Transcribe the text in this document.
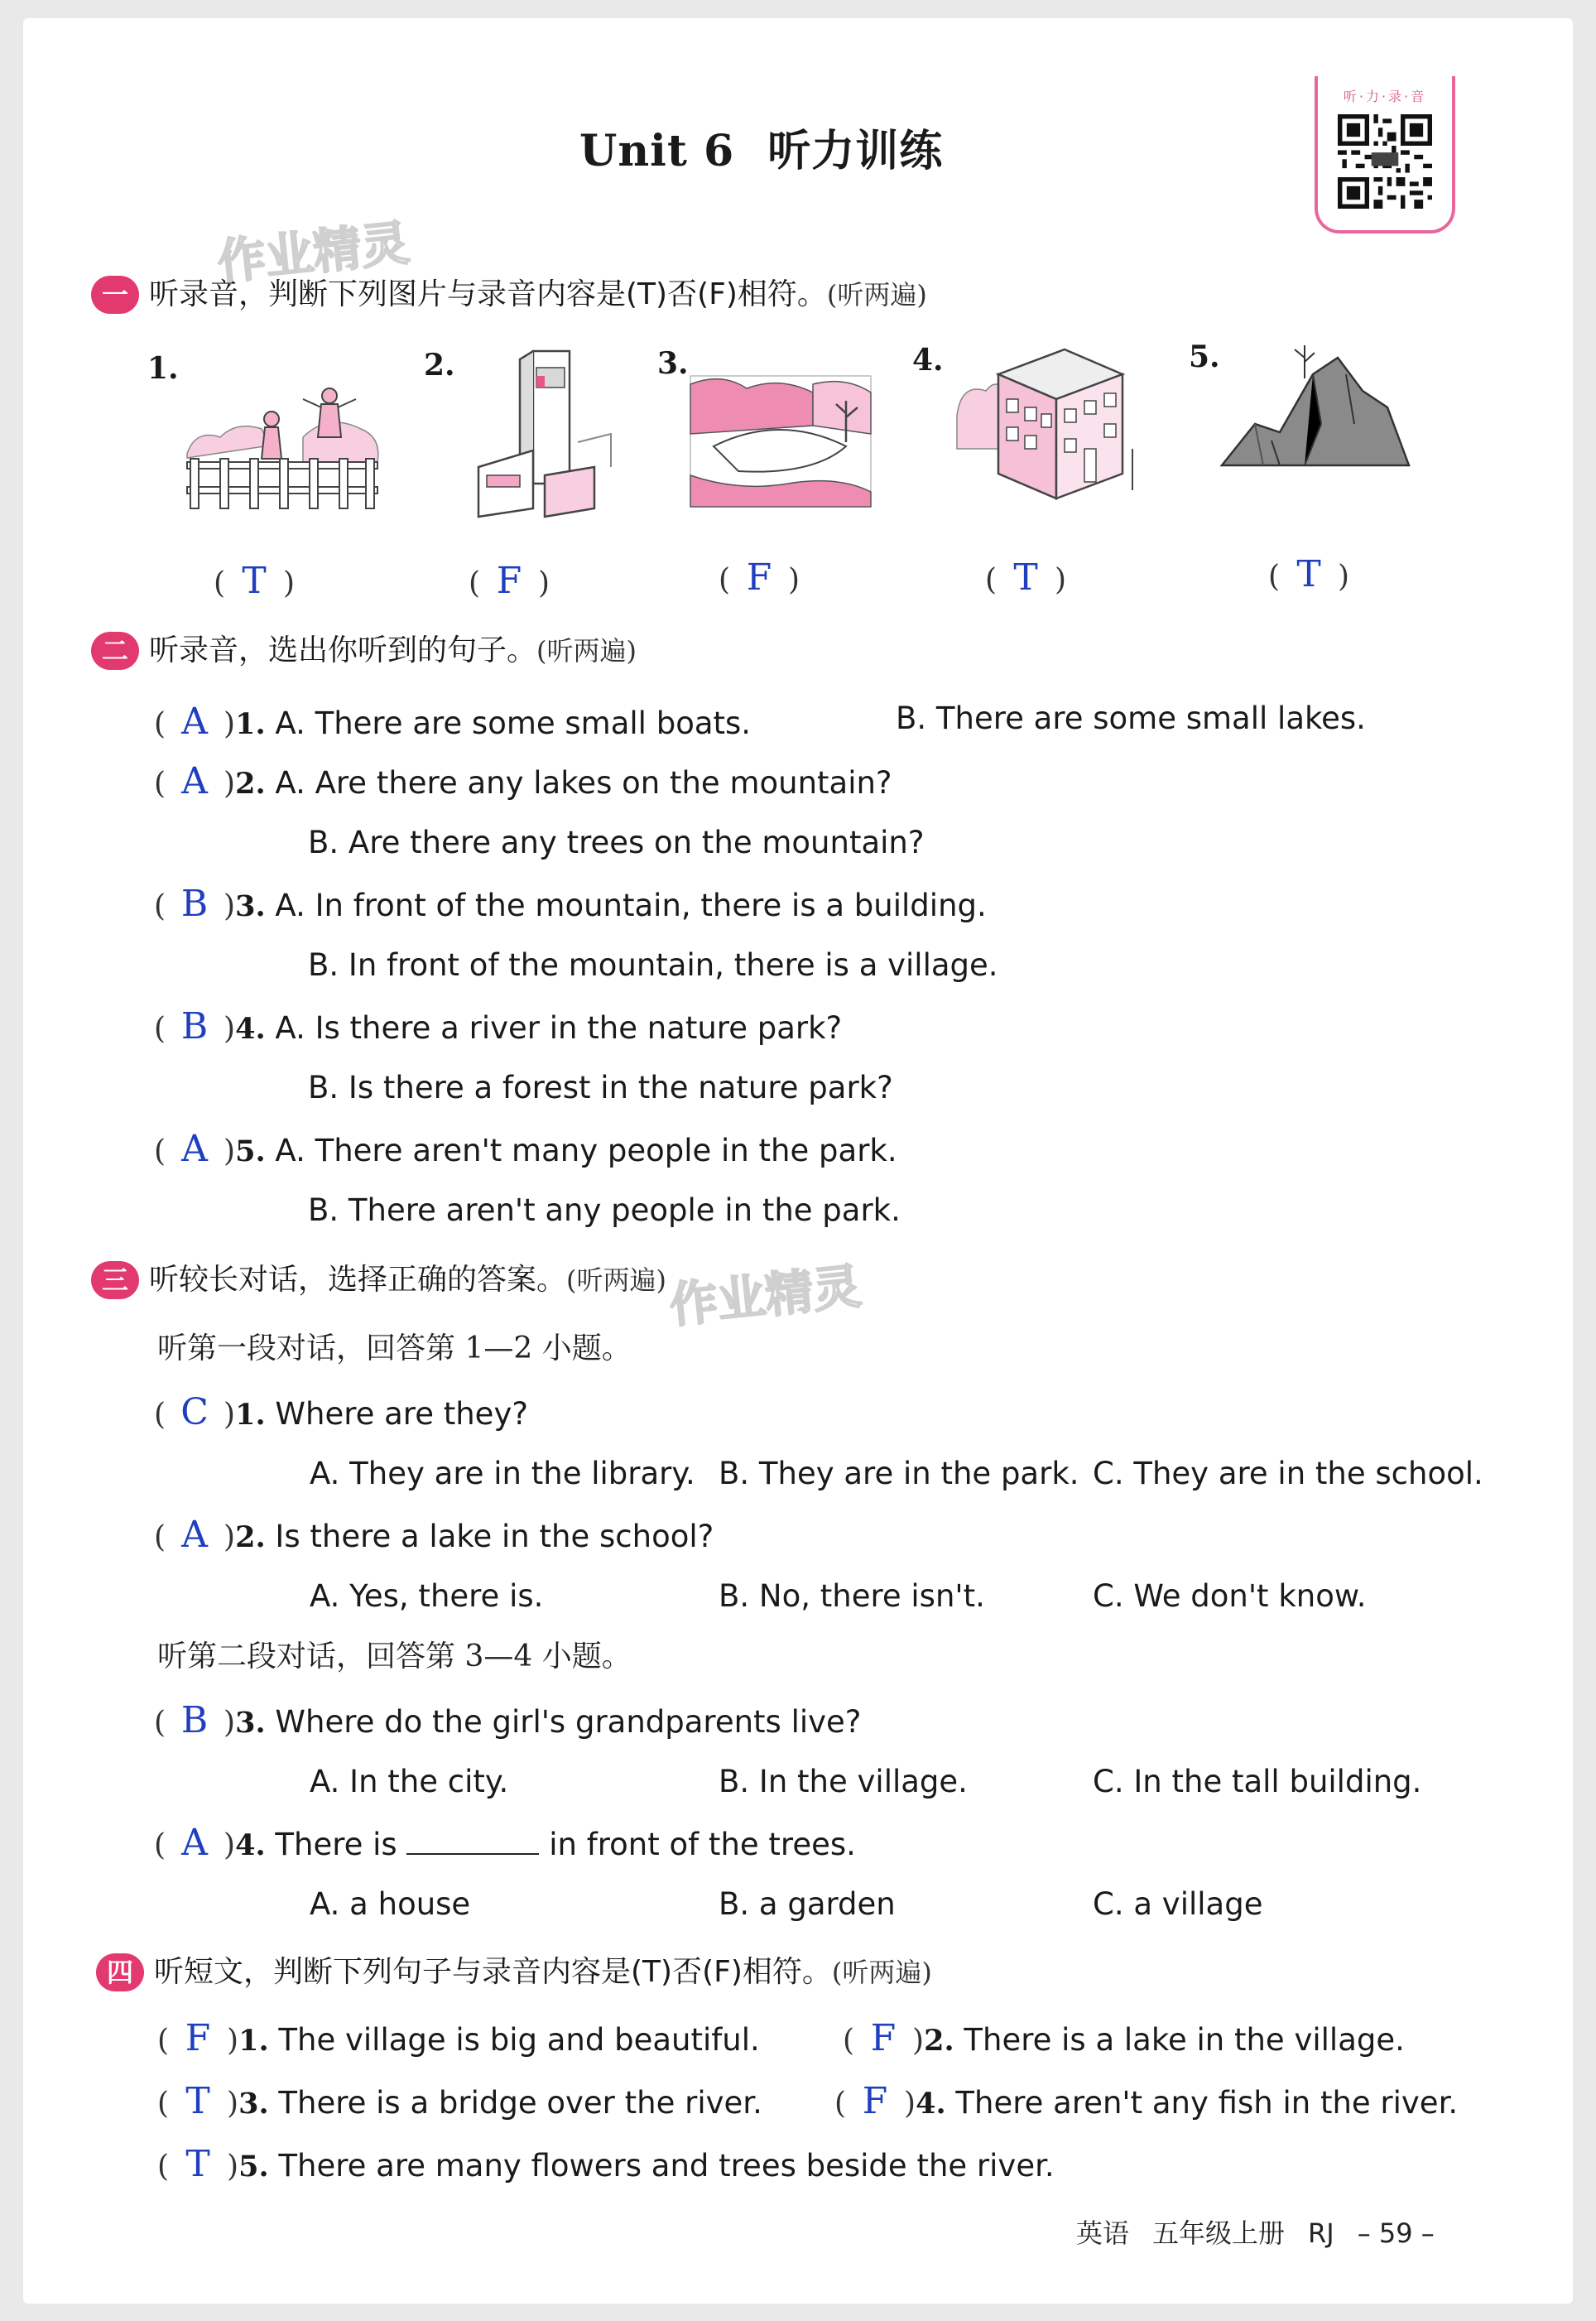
Unit 6 听力训练
作业精灵
作业精灵
听·力·录·音
一 听录音，判断下列图片与录音内容是(T)否(F)相符。(听两遍)
1.	2.	3.	4.	5.
( T )	( F )	( F )	( T )	( T )
二 听录音，选出你听到的句子。(听两遍)
( A )1. A. There are some small boats.	B. There are some small lakes.
( A )2. A. Are there any lakes on the mountain?
B. Are there any trees on the mountain?
( B )3. A. In front of the mountain, there is a building.
B. In front of the mountain, there is a village.
( B )4. A. Is there a river in the nature park?
B. Is there a forest in the nature park?
( A )5. A. There aren't many people in the park.
B. There aren't any people in the park.
三 听较长对话，选择正确的答案。(听两遍)
听第一段对话，回答第 1—2 小题。
( C )1. Where are they?
A. They are in the library. B. They are in the park. C. They are in the school.
( A )2. Is there a lake in the school?
A. Yes, there is.	B. No, there isn't.	C. We don't know.
听第二段对话，回答第 3—4 小题。
( B )3. Where do the girl's grandparents live?
A. In the city.	B. In the village.	C. In the tall building.
( A )4. There is	in front of the trees.
A. a house	B. a garden	C. a village
四 听短文，判断下列句子与录音内容是(T)否(F)相符。(听两遍)
( F )1. The village is big and beautiful.	( F )2. There is a lake in the village.
( T )3. There is a bridge over the river. ( F )4. There aren't any fish in the river.
( T )5. There are many flowers and trees beside the river.
英语 五年级上册 RJ – 59 –
